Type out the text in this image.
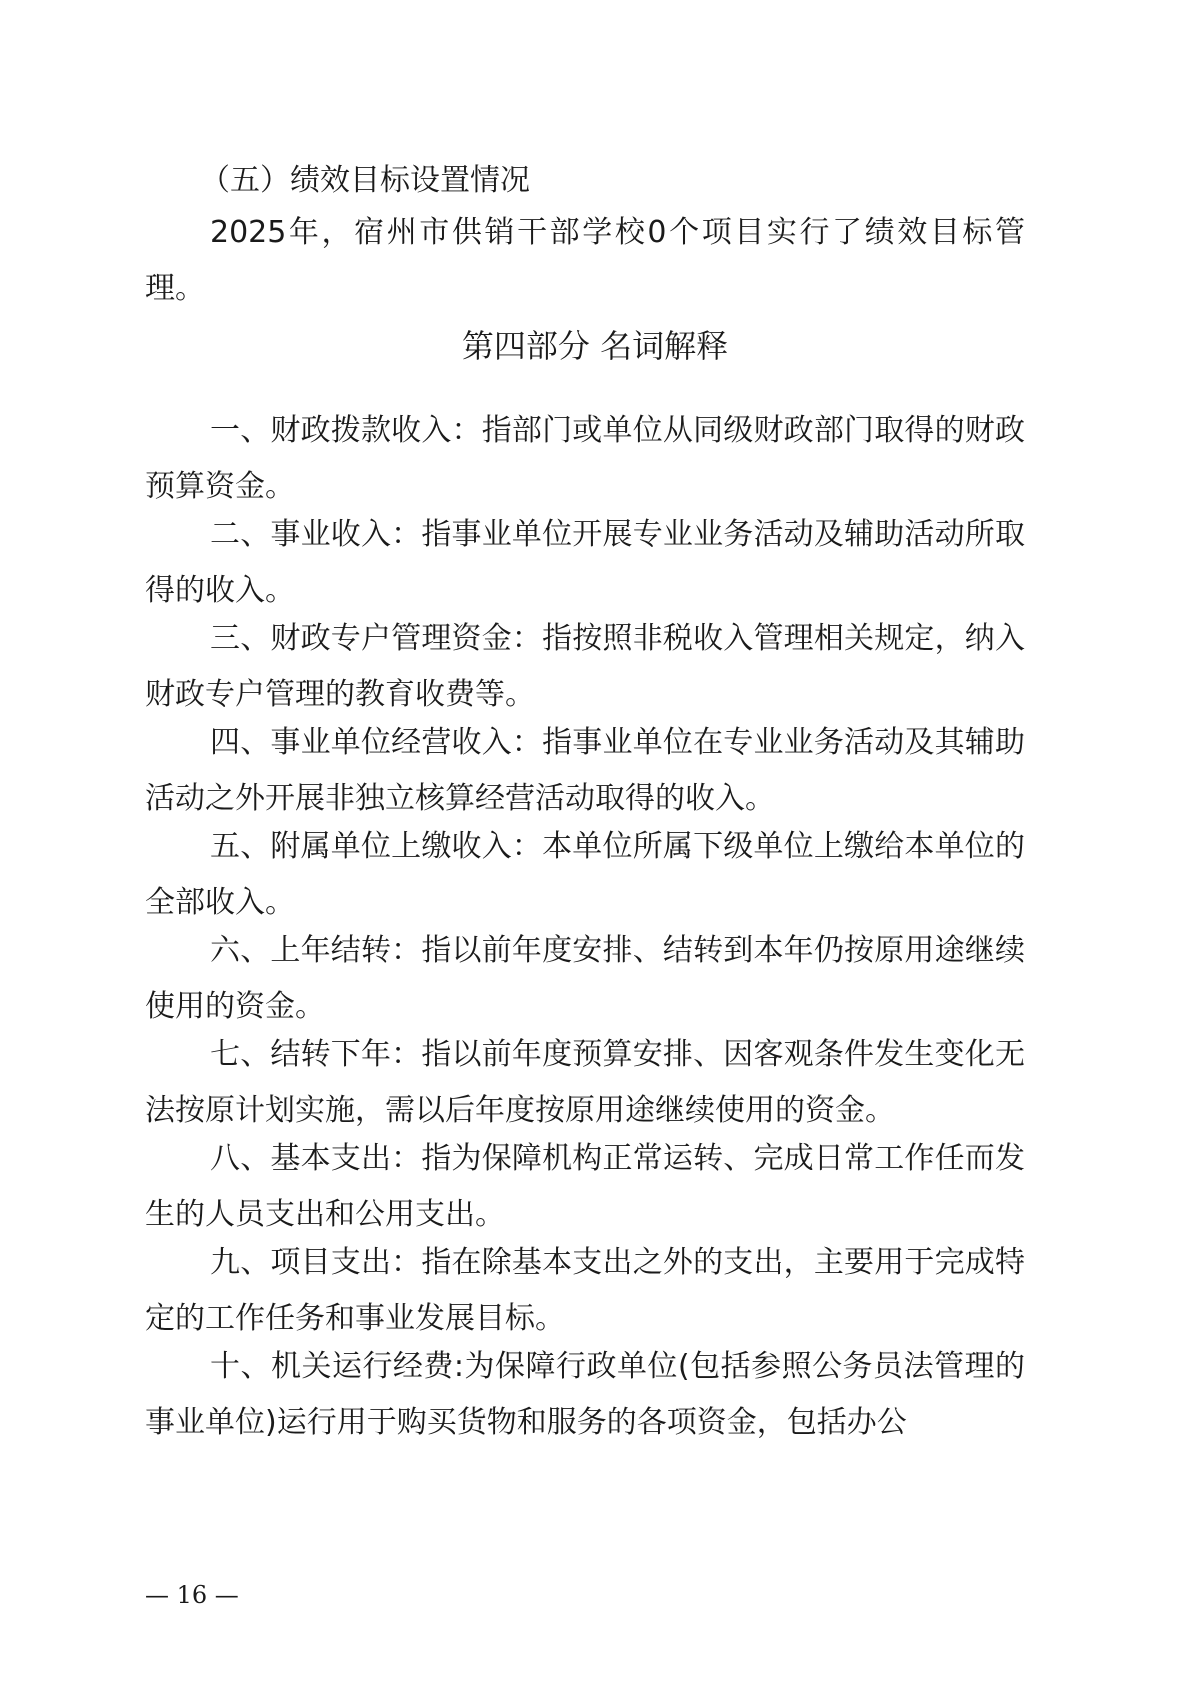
（五）绩效目标设置情况

2025年，宿州市供销干部学校0个项目实行了绩效目标管理。

第四部分 名词解释

一、财政拨款收入：指部门或单位从同级财政部门取得的财政预算资金。

二、事业收入：指事业单位开展专业业务活动及辅助活动所取得的收入。

三、财政专户管理资金：指按照非税收入管理相关规定，纳入财政专户管理的教育收费等。

四、事业单位经营收入：指事业单位在专业业务活动及其辅助活动之外开展非独立核算经营活动取得的收入。

五、附属单位上缴收入：本单位所属下级单位上缴给本单位的全部收入。

六、上年结转：指以前年度安排、结转到本年仍按原用途继续使用的资金。

七、结转下年：指以前年度预算安排、因客观条件发生变化无法按原计划实施，需以后年度按原用途继续使用的资金。

八、基本支出：指为保障机构正常运转、完成日常工作任而发生的人员支出和公用支出。

九、项目支出：指在除基本支出之外的支出，主要用于完成特定的工作任务和事业发展目标。

十、机关运行经费:为保障行政单位(包括参照公务员法管理的事业单位)运行用于购买货物和服务的各项资金，包括办公

— 16 —
